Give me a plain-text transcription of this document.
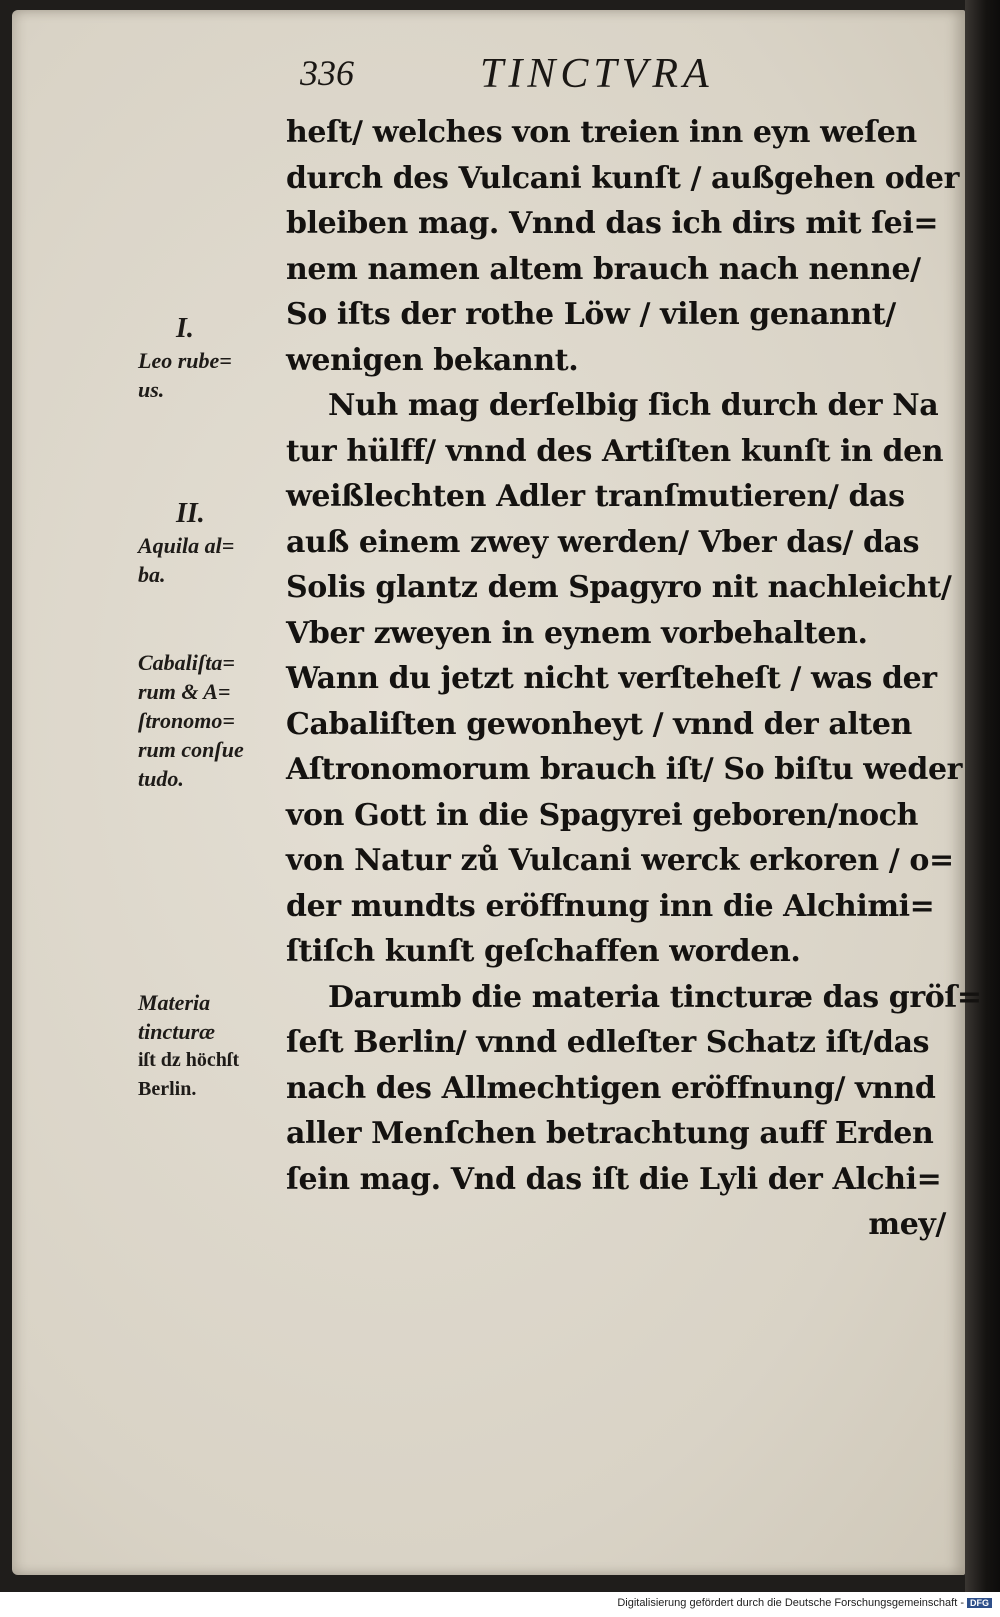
336	TINCTVRA
heſt/ welches von treien inn eyn weſen
durch des Vulcani kunſt / außgehen oder
bleiben mag. Vnnd das ich dirs mit ſei=
nem namen altem brauch nach nenne/
So iſts der rothe Löw / vilen genannt/
wenigen bekannt.
Nuh mag derſelbig ſich durch der Na
tur hülff/ vnnd des Artiſten kunſt in den
weißlechten Adler tranſmutieren/ das
auß einem zwey werden/ Vber das/ das
Solis glantz dem Spagyro nit nachleicht/
Vber zweyen in eynem vorbehalten.
Wann du jetzt nicht verſteheſt / was der
Cabaliſten gewonheyt / vnnd der alten
Aſtronomorum brauch iſt/ So biſtu weder
von Gott in die Spagyrei geboren/noch
von Natur zů Vulcani werck erkoren / o=
der mundts eröffnung inn die Alchimi=
ſtiſch kunſt geſchaffen worden.
Darumb die materia tincturæ das gröſ=
ſeſt Berlin/ vnnd edleſter Schatz iſt/das
nach des Allmechtigen eröffnung/ vnnd
aller Menſchen betrachtung auff Erden
ſein mag. Vnd das iſt die Lyli der Alchi=
mey/
I.
Leo rube=
us.
II.
Aquila al=
ba.
Cabaliſta=
rum & A=
ſtronomo=
rum conſue
tudo.
Materia
tincturæ
iſt dz höchſt
Berlin.
Digitalisierung gefördert durch die Deutsche Forschungsgemeinschaft - DFG
